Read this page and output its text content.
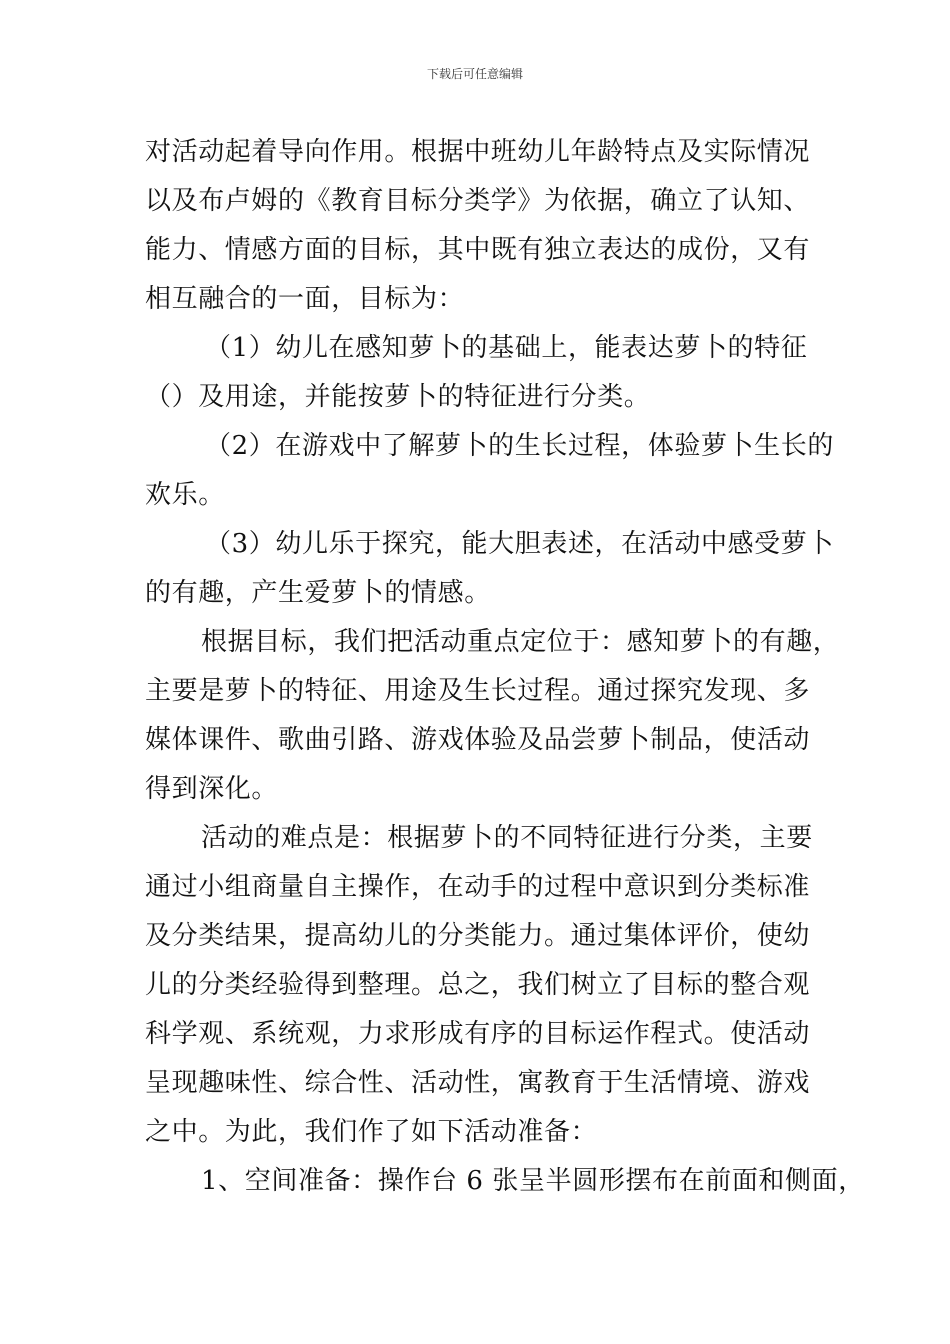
下载后可任意编辑
对活动起着导向作用。根据中班幼儿年龄特点及实际情况
以及布卢姆的《教育目标分类学》为依据，确立了认知、
能力、情感方面的目标，其中既有独立表达的成份，又有
相互融合的一面，目标为：
（1）幼儿在感知萝卜的基础上，能表达萝卜的特征
（）及用途，并能按萝卜的特征进行分类。
（2）在游戏中了解萝卜的生长过程，体验萝卜生长的
欢乐。
（3）幼儿乐于探究，能大胆表述，在活动中感受萝卜
的有趣，产生爱萝卜的情感。
根据目标，我们把活动重点定位于：感知萝卜的有趣，
主要是萝卜的特征、用途及生长过程。通过探究发现、多
媒体课件、歌曲引路、游戏体验及品尝萝卜制品，使活动
得到深化。
活动的难点是：根据萝卜的不同特征进行分类，主要
通过小组商量自主操作，在动手的过程中意识到分类标准
及分类结果，提高幼儿的分类能力。通过集体评价，使幼
儿的分类经验得到整理。总之，我们树立了目标的整合观
科学观、系统观，力求形成有序的目标运作程式。使活动
呈现趣味性、综合性、活动性，寓教育于生活情境、游戏
之中。为此，我们作了如下活动准备：
1、空间准备：操作台 6 张呈半圆形摆布在前面和侧面，
